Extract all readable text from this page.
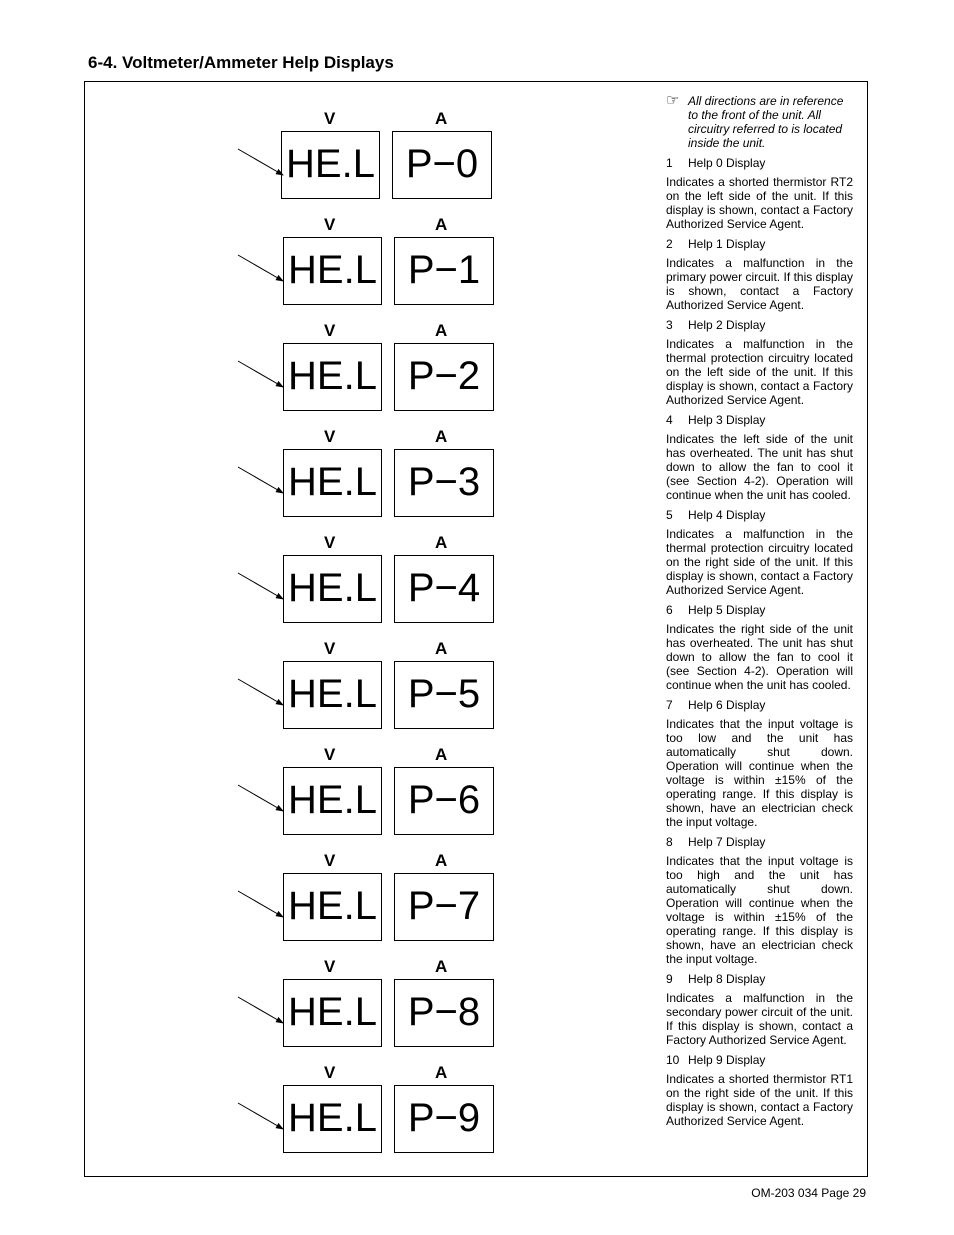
6-4. Voltmeter/Ammeter Help Displays
V	A
HE.L P−0
V	A
HE.L P−1
V	A
HE.L P−2
V	A
HE.L P−3
V	A
HE.L P−4
V	A
HE.L P−5
V	A
HE.L P−6
V	A
HE.L P−7
V	A
HE.L P−8
V	A
HE.L P−9
☞ All directions are in reference to the front of the unit. All circuitry referred to is located inside the unit.
1	Help 0 Display
Indicates a shorted thermistor RT2 on the left side of the unit. If this display is shown, contact a Factory Authorized Service Agent.
2	Help 1 Display
Indicates a malfunction in the primary power circuit. If this display is shown, contact a Factory Authorized Service Agent.
3	Help 2 Display
Indicates a malfunction in the thermal protection circuitry located on the left side of the unit. If this display is shown, contact a Factory Authorized Service Agent.
4	Help 3 Display
Indicates the left side of the unit has overheated. The unit has shut down to allow the fan to cool it (see Section 4-2). Operation will continue when the unit has cooled.
5	Help 4 Display
Indicates a malfunction in the thermal protection circuitry located on the right side of the unit. If this display is shown, contact a Factory Authorized Service Agent.
6	Help 5 Display
Indicates the right side of the unit has overheated. The unit has shut down to allow the fan to cool it (see Section 4-2). Operation will continue when the unit has cooled.
7	Help 6 Display
Indicates that the input voltage is too low and the unit has automatically shut down. Operation will continue when the voltage is within ±15% of the operating range. If this display is shown, have an electrician check the input voltage.
8	Help 7 Display
Indicates that the input voltage is too high and the unit has automatically shut down. Operation will continue when the voltage is within ±15% of the operating range. If this display is shown, have an electrician check the input voltage.
9	Help 8 Display
Indicates a malfunction in the secondary power circuit of the unit. If this display is shown, contact a Factory Authorized Service Agent.
10 Help 9 Display
Indicates a shorted thermistor RT1 on the right side of the unit. If this display is shown, contact a Factory Authorized Service Agent.
OM-203 034 Page 29
